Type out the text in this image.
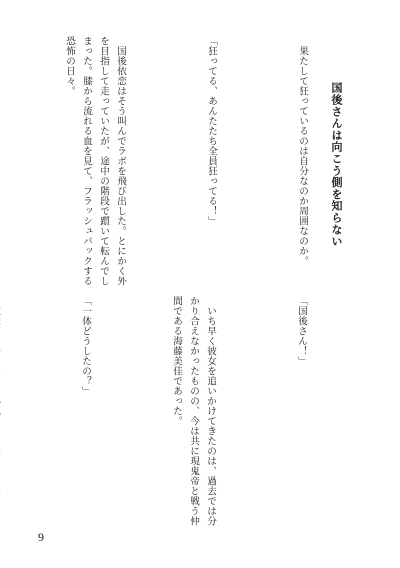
国後さんは向こう側を知らない

　果たして狂っているのは自分なのか周囲なのか。

「狂ってる、あんたたち全員狂ってる！」

　国後依恋はそう叫んでラボを飛び出した。とにかく外を目指して走っていたが、途中の階段で躓いて転んでしまった。膝から流れる血を見て、フラッシュバックする恐怖の日々。

「国後さん！」

　いち早く彼女を追いかけてきたのは、過去では分かり合えなかったものの、今は共に現鬼帝と戦う仲間である海藤美佳であった。

「一体どうしたの？」

9
